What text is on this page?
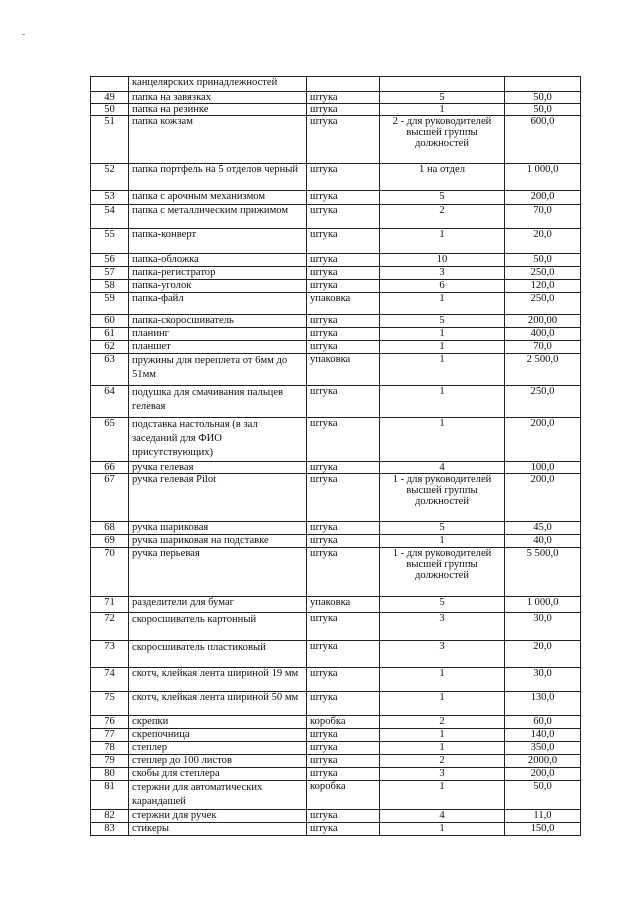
	канцелярских принадлежностей			
49	папка на завязках	штука	5	50,0
50	папка на резинке	штука	1	50,0
51	папка кожзам	штука	2 - для руководителей высшей группы должностей	600,0
52	папка портфель на 5 отделов черный	штука	1 на отдел	1 000,0
53	папка с арочным механизмом	штука	5	200,0
54	папка с металлическим прижимом	штука	2	70,0
55	папка-конверт	штука	1	20,0
56	папка-обложка	штука	10	50,0
57	папка-регистратор	штука	3	250,0
58	папка-уголок	штука	6	120,0
59	папка-файл	упаковка	1	250,0
60	папка-скоросшиватель	штука	5	200,00
61	планинг	штука	1	400,0
62	планшет	штука	1	70,0
63	пружины для переплета от 6мм до 51мм	упаковка	1	2 500,0
64	подушка для смачивания пальцев гелевая	штука	1	250,0
65	подставка настольная (в зал заседаний для ФИО присутствующих)	штука	1	200,0
66	ручка гелевая	штука	4	100,0
67	ручка гелевая Pilot	штука	1 - для руководителей высшей группы должностей	200,0
68	ручка шариковая	штука	5	45,0
69	ручка шариковая на подставке	штука	1	40,0
70	ручка перьевая	штука	1 - для руководителей высшей группы должностей	5 500,0
71	разделители для бумаг	упаковка	5	1 000,0
72	скоросшиватель картонный	штука	3	30,0
73	скоросшиватель пластиковый	штука	3	20,0
74	скотч, клейкая лента шириной 19 мм	штука	1	30,0
75	скотч, клейкая лента шириной 50 мм	штука	1	130,0
76	скрепки	коробка	2	60,0
77	скрепочница	штука	1	140,0
78	степлер	штука	1	350,0
79	степлер до 100 листов	штука	2	2000,0
80	скобы для степлера	штука	3	200,0
81	стержни для автоматических карандашей	коробка	1	50,0
82	стержни для ручек	штука	4	11,0
83	стикеры	штука	1	150,0
